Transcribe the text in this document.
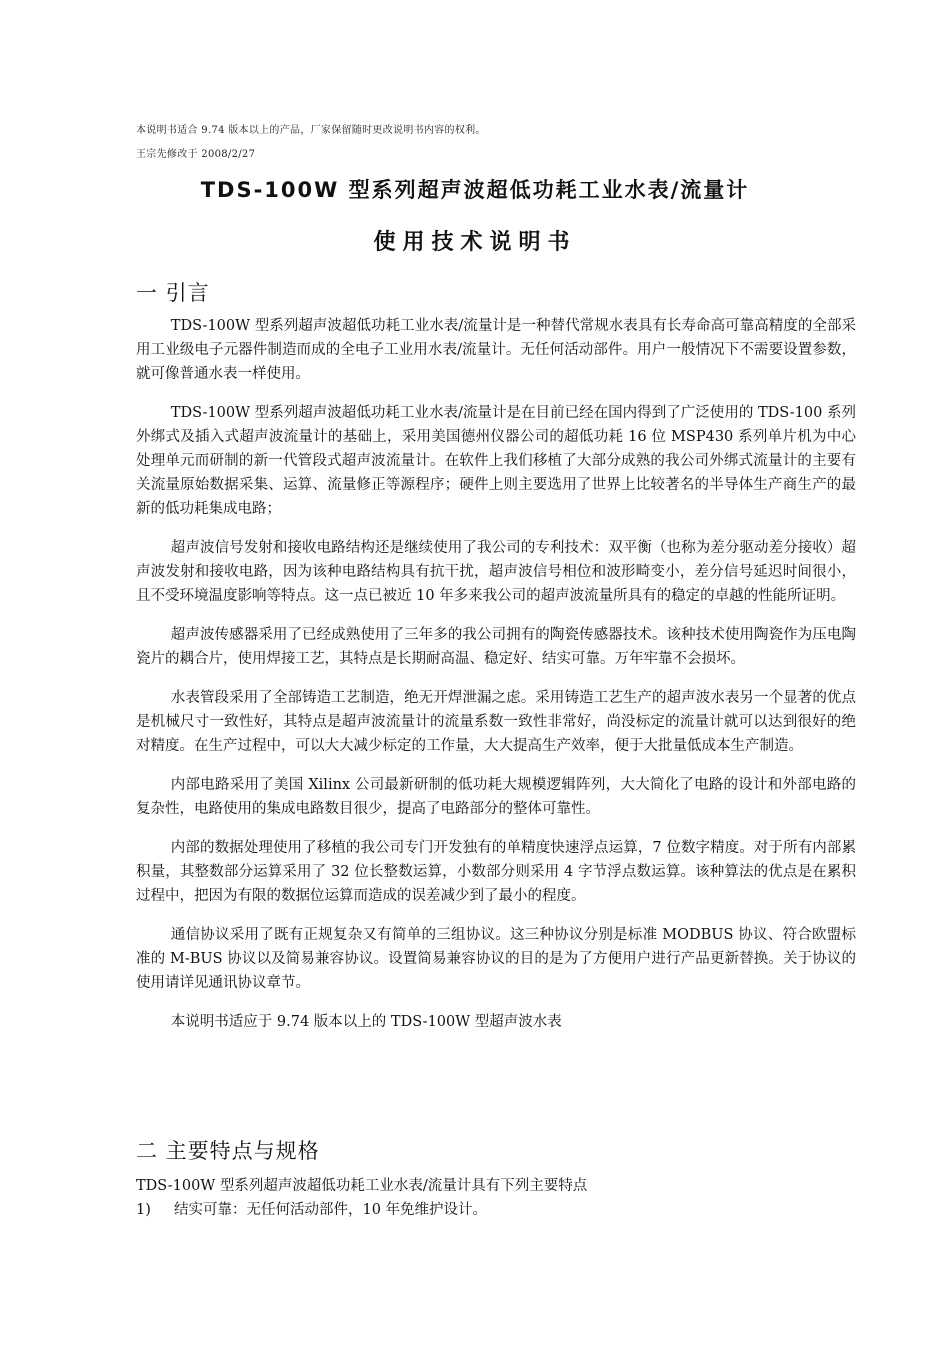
本说明书适合 9.74 版本以上的产品，厂家保留随时更改说明书内容的权利。
王宗先修改于 2008/2/27
TDS-100W 型系列超声波超低功耗工业水表/流量计
使用技术说明书
一 引言

TDS-100W 型系列超声波超低功耗工业水表/流量计是一种替代常规水表具有长寿命高可靠高精度的全部采用工业级电子元器件制造而成的全电子工业用水表/流量计。无任何活动部件。用户一般情况下不需要设置参数，就可像普通水表一样使用。

TDS-100W 型系列超声波超低功耗工业水表/流量计是在目前已经在国内得到了广泛使用的 TDS-100 系列外绑式及插入式超声波流量计的基础上，采用美国德州仪器公司的超低功耗 16 位 MSP430 系列单片机为中心处理单元而研制的新一代管段式超声波流量计。在软件上我们移植了大部分成熟的我公司外绑式流量计的主要有关流量原始数据采集、运算、流量修正等源程序；硬件上则主要选用了世界上比较著名的半导体生产商生产的最新的低功耗集成电路；

超声波信号发射和接收电路结构还是继续使用了我公司的专利技术：双平衡（也称为差分驱动差分接收）超声波发射和接收电路，因为该种电路结构具有抗干扰，超声波信号相位和波形畸变小，差分信号延迟时间很小，且不受环境温度影响等特点。这一点已被近 10 年多来我公司的超声波流量所具有的稳定的卓越的性能所证明。

超声波传感器采用了已经成熟使用了三年多的我公司拥有的陶瓷传感器技术。该种技术使用陶瓷作为压电陶瓷片的耦合片，使用焊接工艺，其特点是长期耐高温、稳定好、结实可靠。万年牢靠不会损坏。

水表管段采用了全部铸造工艺制造，绝无开焊泄漏之虑。采用铸造工艺生产的超声波水表另一个显著的优点是机械尺寸一致性好，其特点是超声波流量计的流量系数一致性非常好，尚没标定的流量计就可以达到很好的绝对精度。在生产过程中，可以大大减少标定的工作量，大大提高生产效率，便于大批量低成本生产制造。

内部电路采用了美国 Xilinx 公司最新研制的低功耗大规模逻辑阵列，大大简化了电路的设计和外部电路的复杂性，电路使用的集成电路数目很少，提高了电路部分的整体可靠性。

内部的数据处理使用了移植的我公司专门开发独有的单精度快速浮点运算，7 位数字精度。对于所有内部累积量，其整数部分运算采用了 32 位长整数运算，小数部分则采用 4 字节浮点数运算。该种算法的优点是在累积过程中，把因为有限的数据位运算而造成的误差减少到了最小的程度。

通信协议采用了既有正规复杂又有简单的三组协议。这三种协议分别是标准 MODBUS 协议、符合欧盟标准的 M-BUS 协议以及简易兼容协议。设置简易兼容协议的目的是为了方便用户进行产品更新替换。关于协议的使用请详见通讯协议章节。

本说明书适应于 9.74 版本以上的 TDS-100W 型超声波水表

二 主要特点与规格

TDS-100W 型系列超声波超低功耗工业水表/流量计具有下列主要特点

1)	结实可靠：无任何活动部件，10 年免维护设计。
